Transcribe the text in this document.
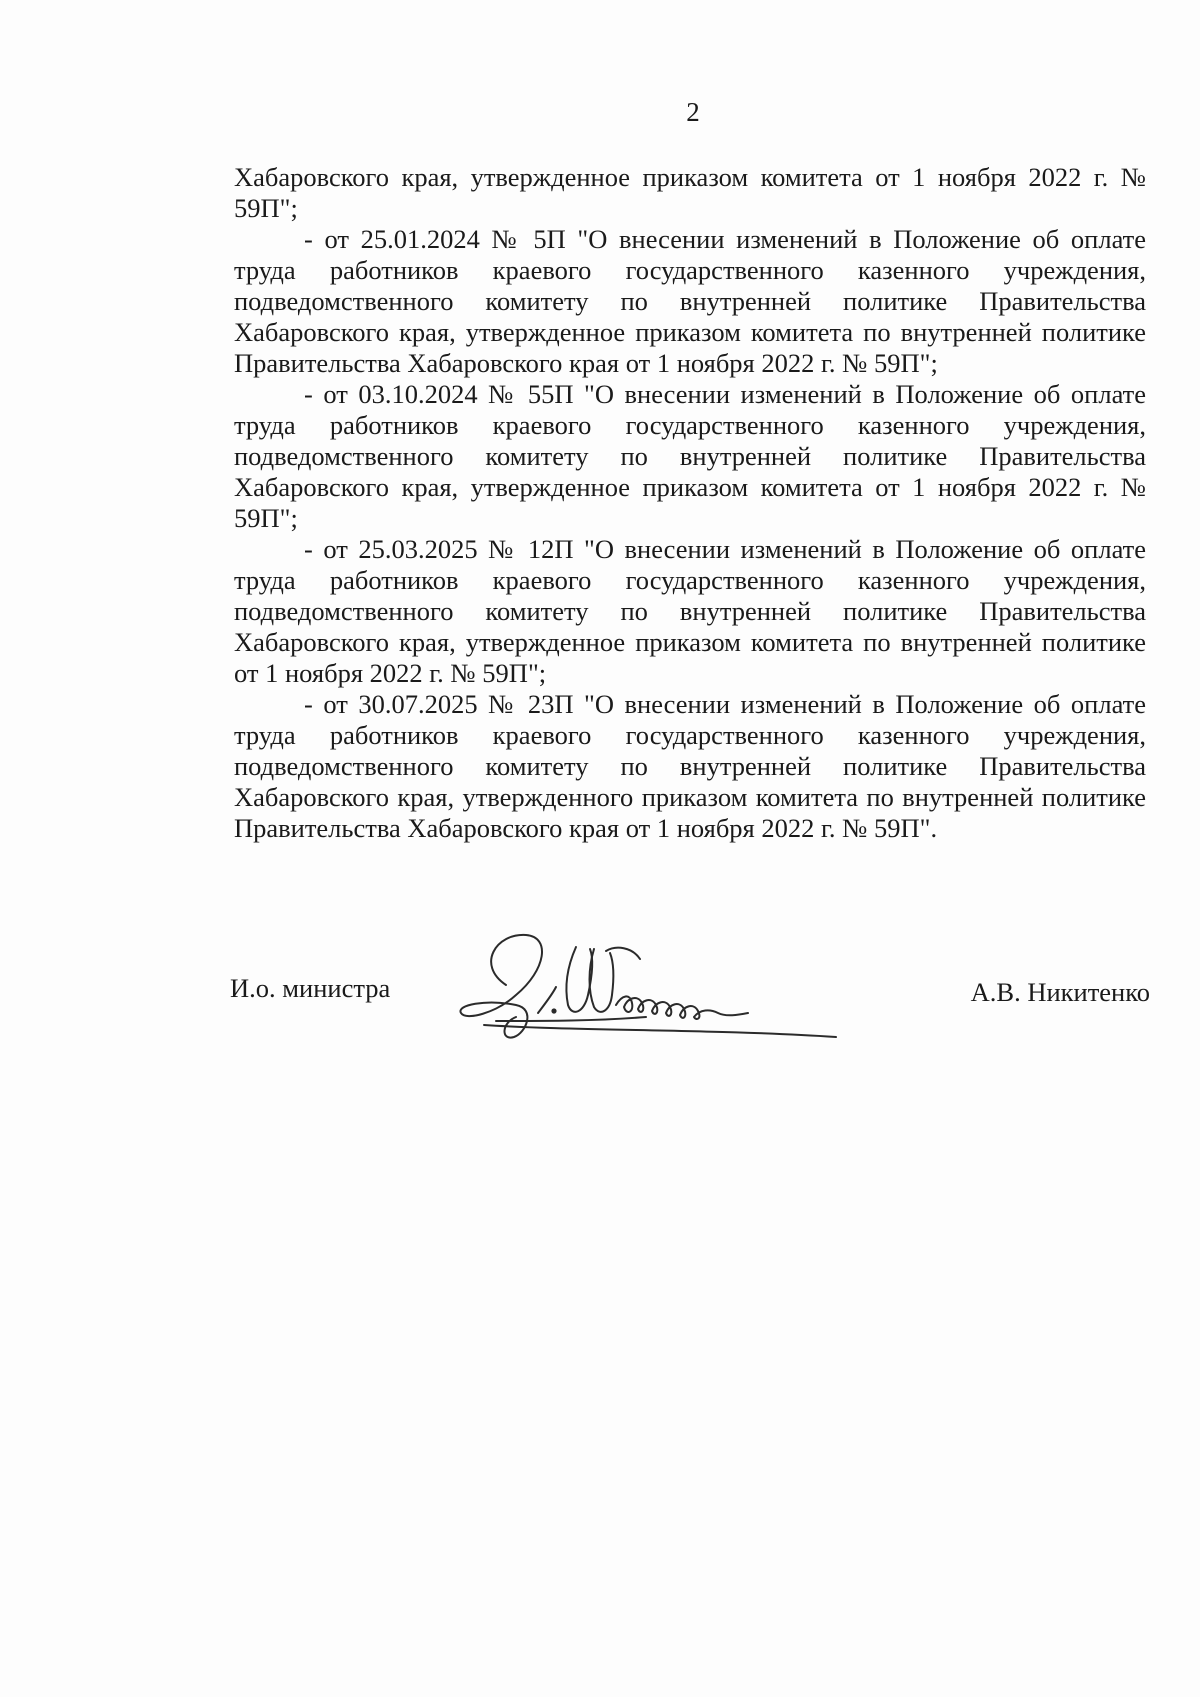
2

Хабаровского края, утвержденное приказом комитета от 1 ноября 2022 г. № 59П";

- от 25.01.2024 № 5П "О внесении изменений в Положение об оплате труда работников краевого государственного казенного учреждения, подведомственного комитету по внутренней политике Правительства Хабаровского края, утвержденное приказом комитета по внутренней политике Правительства Хабаровского края от 1 ноября 2022 г. № 59П";

- от 03.10.2024 № 55П "О внесении изменений в Положение об оплате труда работников краевого государственного казенного учреждения, подведомственного комитету по внутренней политике Правительства Хабаровского края, утвержденное приказом комитета от 1 ноября 2022 г. № 59П";

- от 25.03.2025 № 12П "О внесении изменений в Положение об оплате труда работников краевого государственного казенного учреждения, подведомственного комитету по внутренней политике Правительства Хабаровского края, утвержденное приказом комитета по внутренней политике от 1 ноября 2022 г. № 59П";

- от 30.07.2025 № 23П "О внесении изменений в Положение об оплате труда работников краевого государственного казенного учреждения, подведомственного комитету по внутренней политике Правительства Хабаровского края, утвержденного приказом комитета по внутренней политике Правительства Хабаровского края от 1 ноября 2022 г. № 59П".

И.о. министра	А.В. Никитенко
